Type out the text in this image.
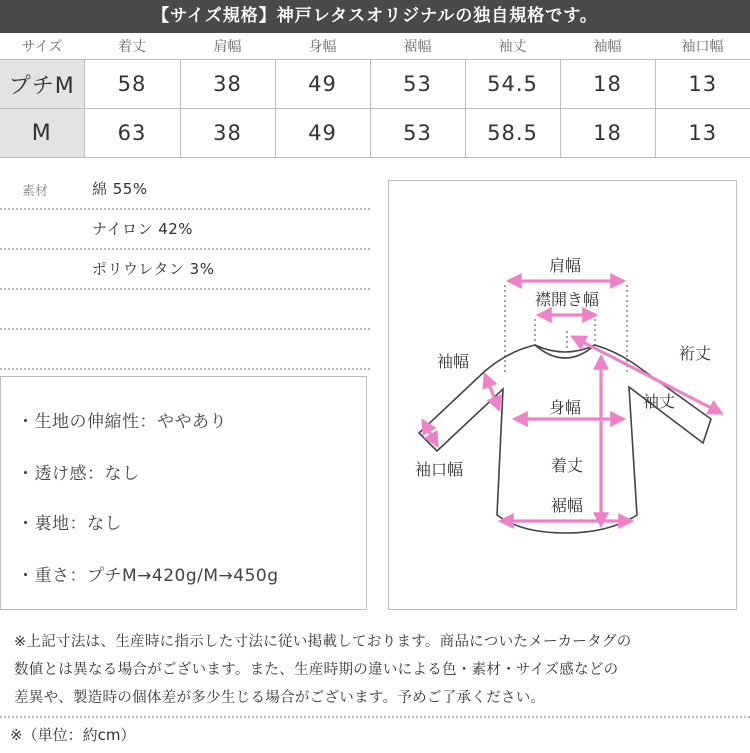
【サイズ規格】神戸レタスオリジナルの独自規格です。
サイズ	着丈	肩幅	身幅	裾幅	袖丈	袖幅	袖口幅
プチM	58	38	49	53	54.5	18	13
M	63	38	49	53	58.5	18	13
素材	綿 55%
ナイロン 42%
ポリウレタン 3%
・生地の伸縮性：ややあり
・透け感：なし
・裏地：なし
・重さ：プチM→420g/M→450g
肩幅
襟開き幅
裄丈
袖幅
袖丈
身幅
袖口幅	着丈
裾幅

※上記寸法は、生産時に指示した寸法に従い掲載しております。商品についたメーカータグの

数値とは異なる場合がございます。また、生産時期の違いによる色・素材・サイズ感などの

差異や、製造時の個体差が多少生じる場合がございます。予めご了承ください。

※（単位：約cm）
